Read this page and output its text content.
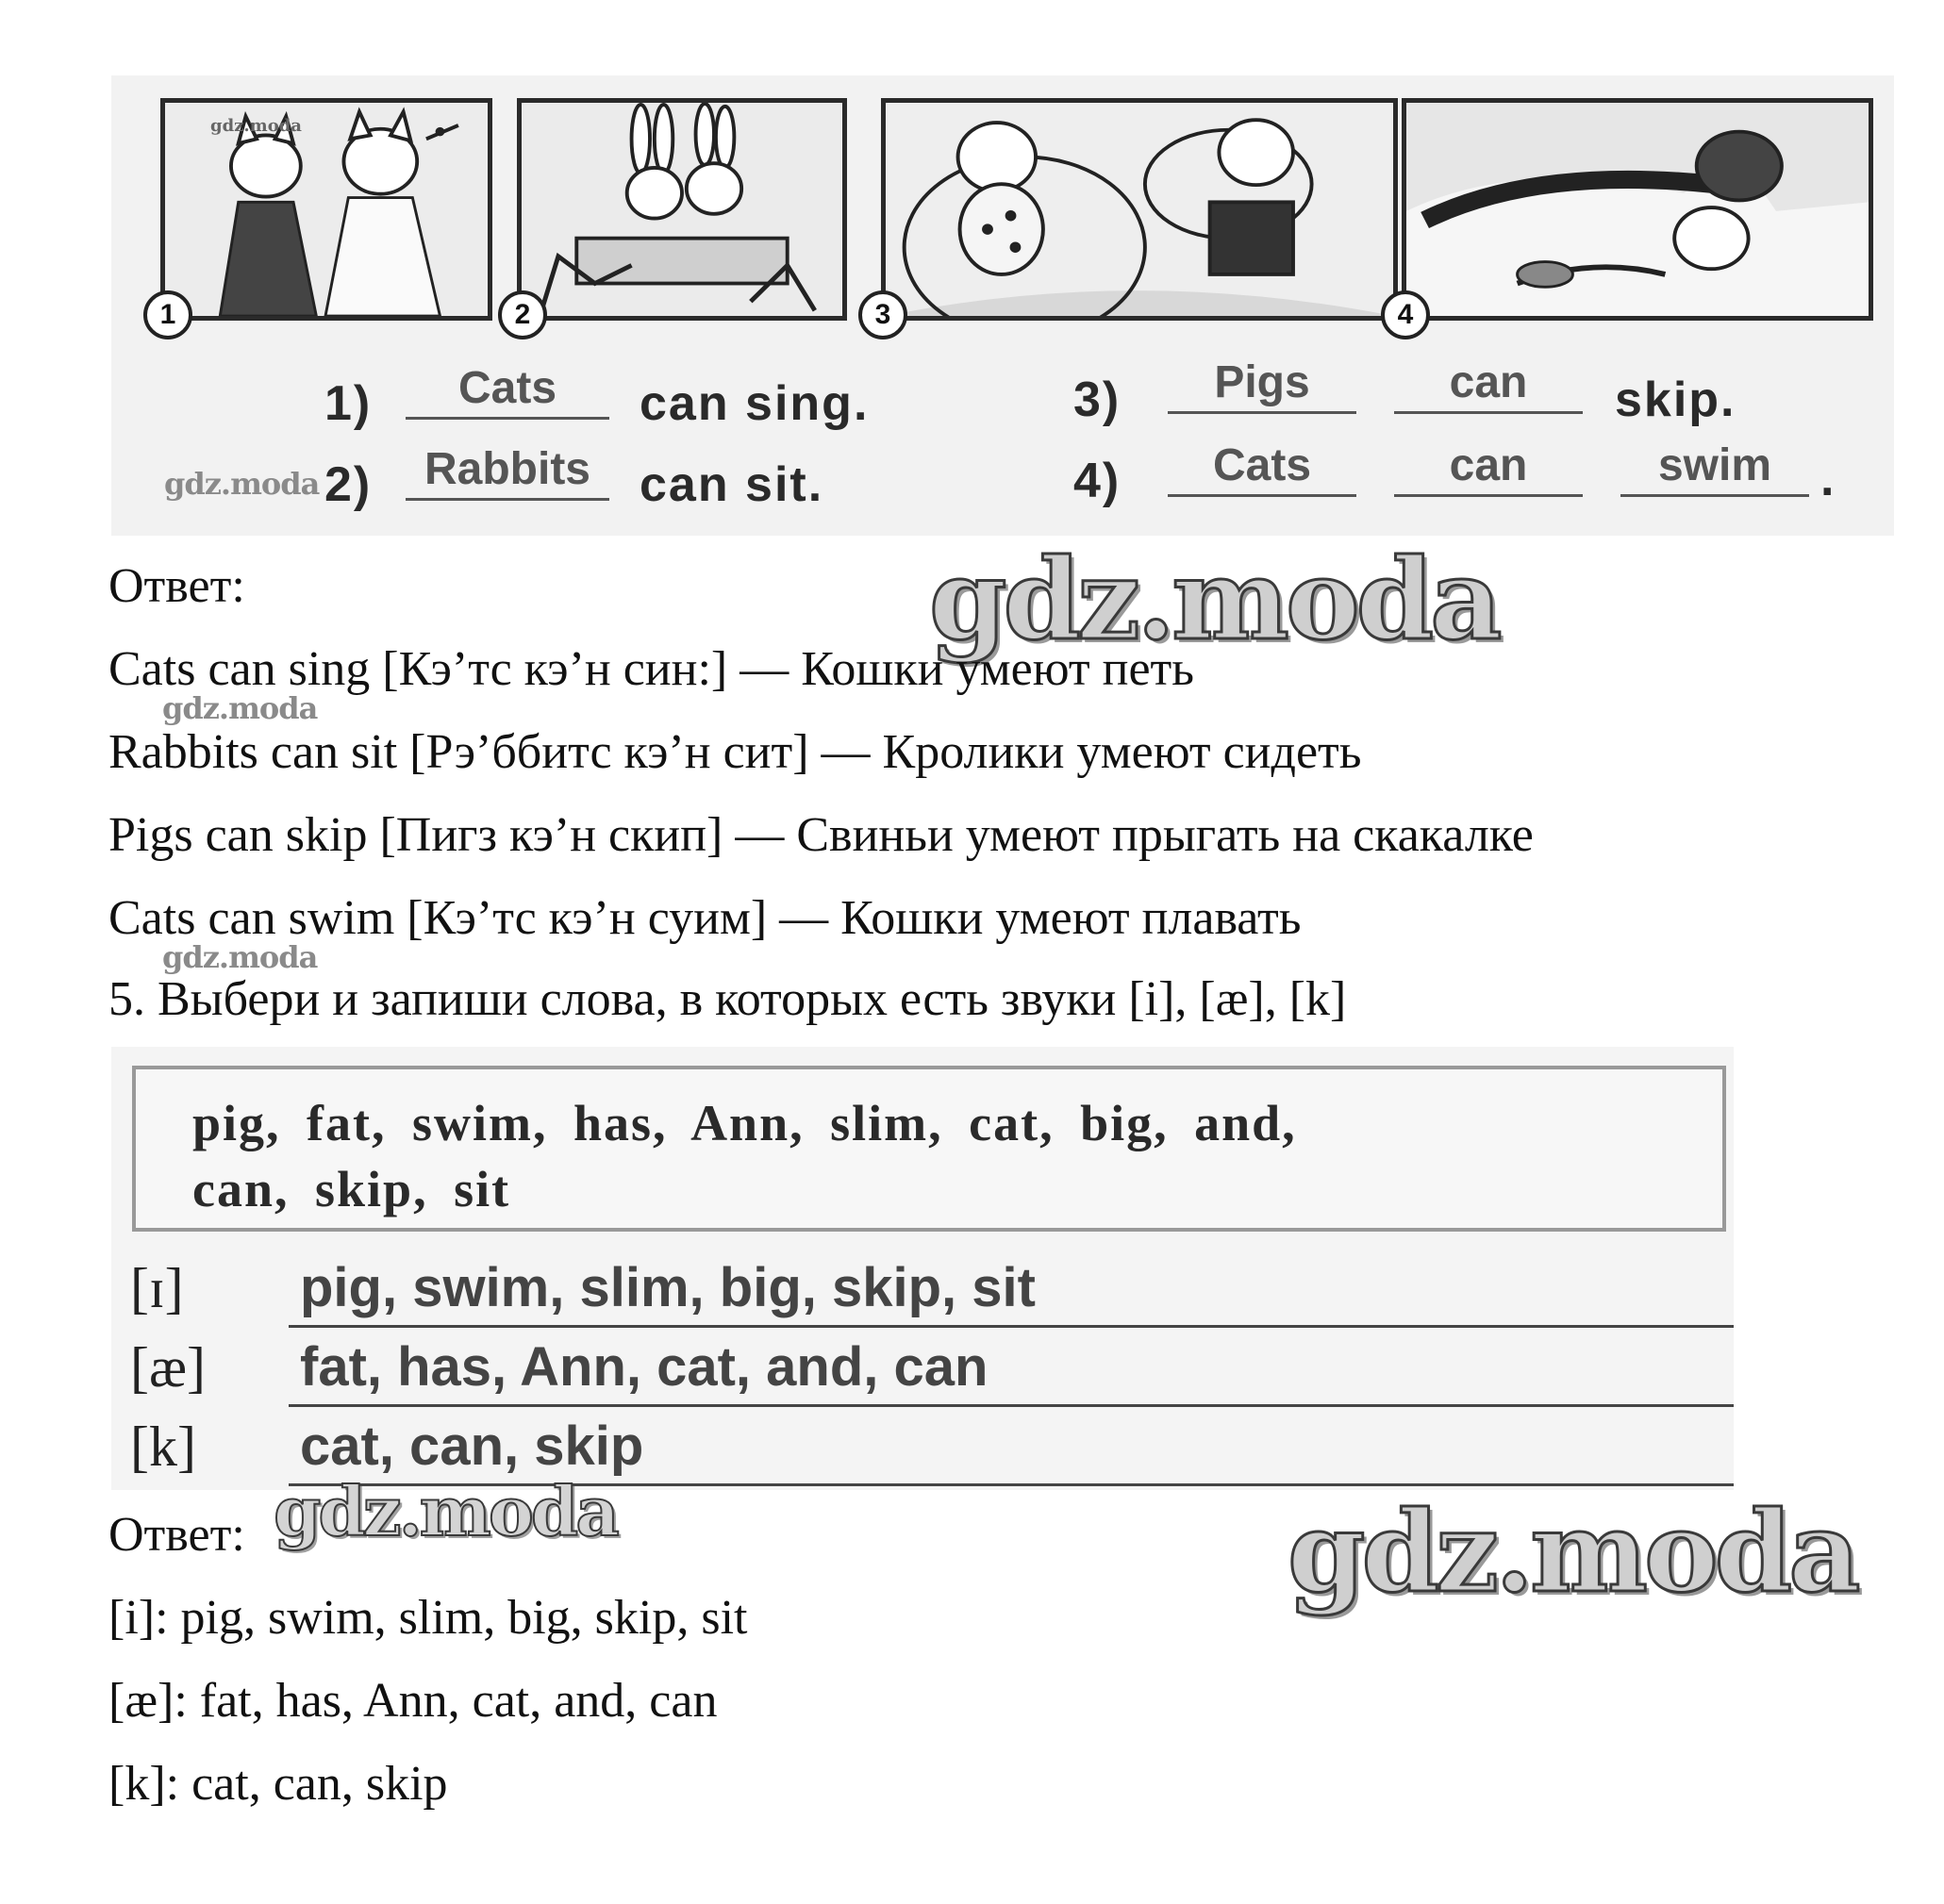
gdz.moda
1	2	3	4
1)	Cats	can sing.
gdz.moda 2)	Rabbits	can sit.
3)	Pigs	can	skip.
4)	Cats	can	swim .
Ответ:	gdz.moda
Cats can sing [Кэ’тс кэ’н син:] — Кошки умеют петь
gdz.moda
Rabbits can sit [Рэ’ббитс кэ’н сит] — Кролики умеют сидеть
Pigs can skip [Пигз кэ’н скип] — Свиньи умеют прыгать на скакалке
Cats can swim [Кэ’тс кэ’н суим] — Кошки умеют плавать
gdz.moda
5. Выбери и запиши слова, в которых есть звуки [i], [æ], [k]
pig, fat, swim, has, Ann, slim, cat, big, and,
can, skip, sit
[ɪ] pig, swim, slim, big, skip, sit
[æ] fat, has, Ann, cat, and, can
[k] cat, can, skip
Ответ: gdz.moda	gdz.moda
[i]: pig, swim, slim, big, skip, sit
[æ]: fat, has, Ann, cat, and, can
[k]: cat, can, skip
